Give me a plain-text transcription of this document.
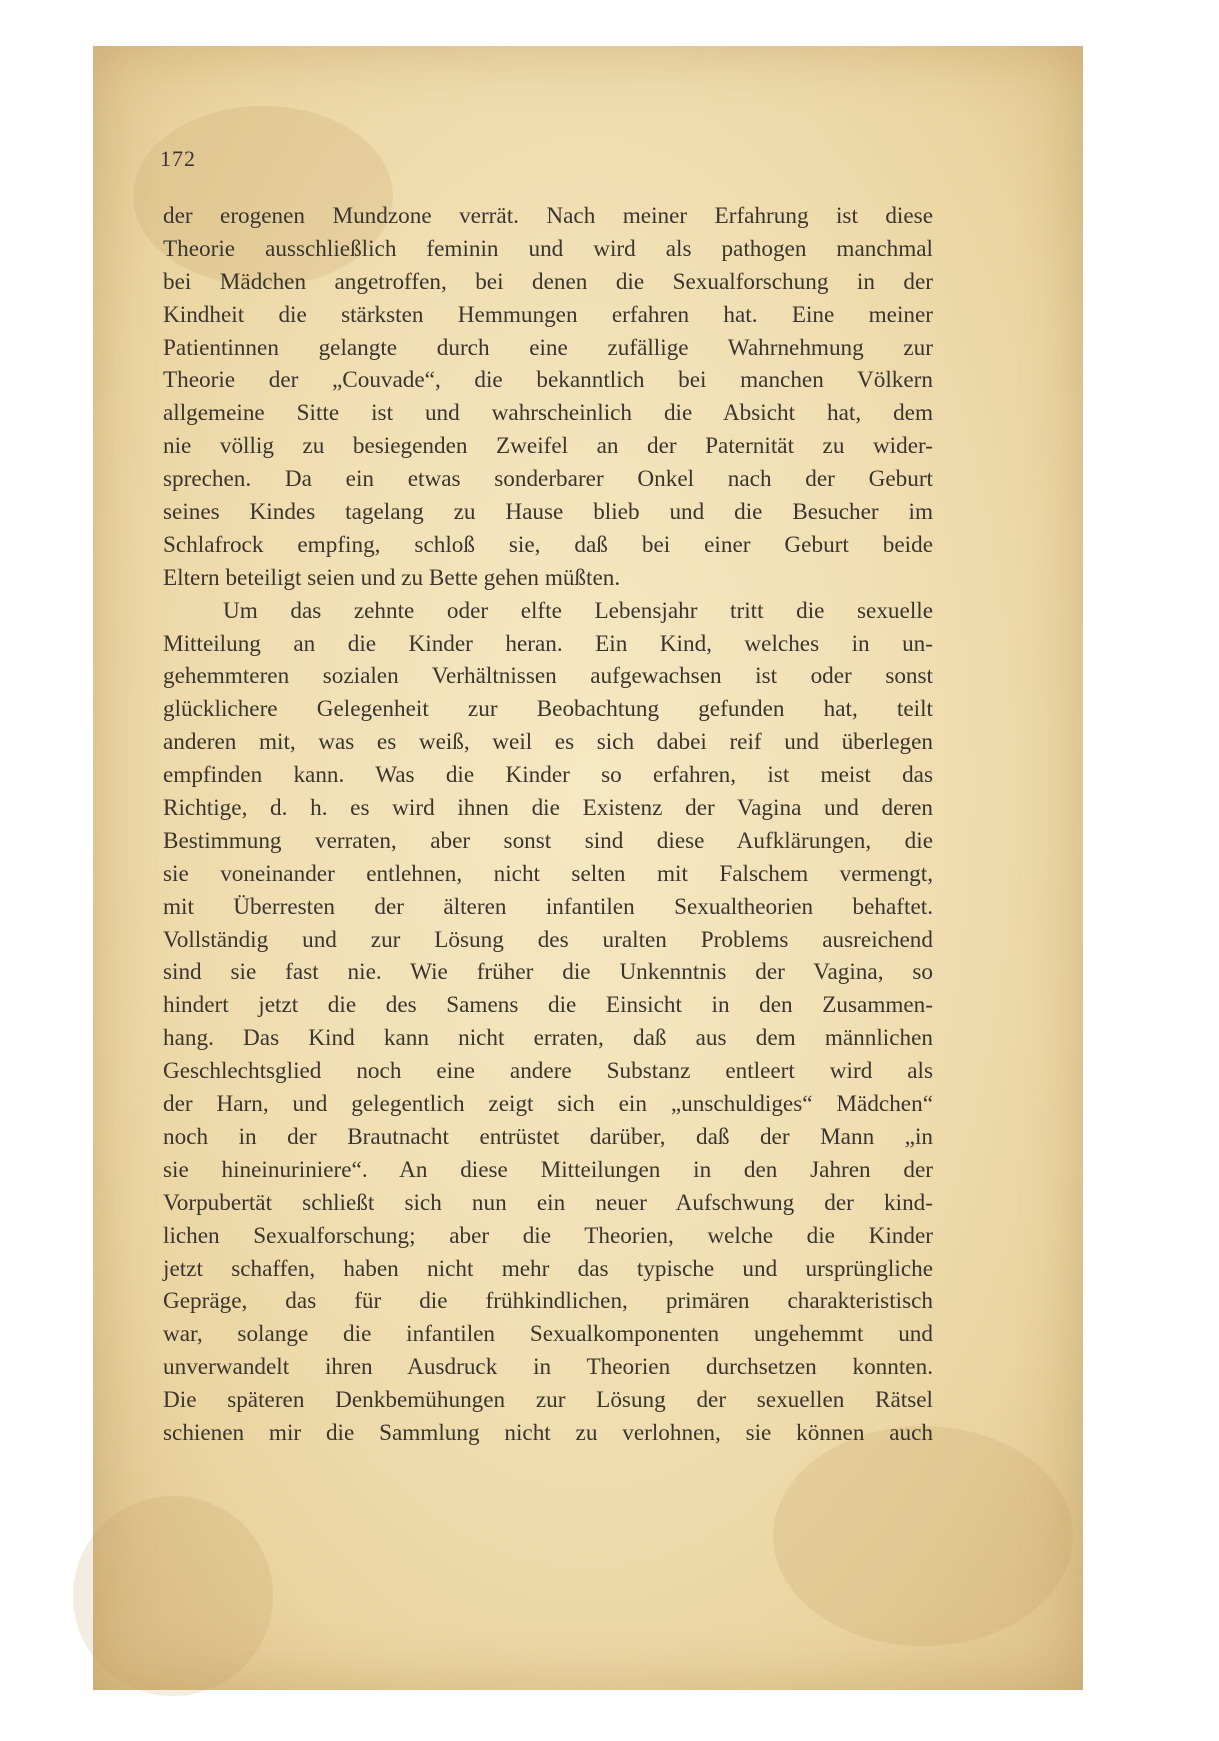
172
der erogenen Mundzone verrät. Nach meiner Erfahrung ist diese
Theorie ausschließlich feminin und wird als pathogen manchmal
bei Mädchen angetroffen, bei denen die Sexualforschung in der
Kindheit die stärksten Hemmungen erfahren hat. Eine meiner
Patientinnen gelangte durch eine zufällige Wahrnehmung zur
Theorie der „Couvade“, die bekanntlich bei manchen Völkern
allgemeine Sitte ist und wahrscheinlich die Absicht hat, dem
nie völlig zu besiegenden Zweifel an der Paternität zu wider-
sprechen. Da ein etwas sonderbarer Onkel nach der Geburt
seines Kindes tagelang zu Hause blieb und die Besucher im
Schlafrock empfing, schloß sie, daß bei einer Geburt beide
Eltern beteiligt seien und zu Bette gehen müßten.
Um das zehnte oder elfte Lebensjahr tritt die sexuelle
Mitteilung an die Kinder heran. Ein Kind, welches in un-
gehemmteren sozialen Verhältnissen aufgewachsen ist oder sonst
glücklichere Gelegenheit zur Beobachtung gefunden hat, teilt
anderen mit, was es weiß, weil es sich dabei reif und überlegen
empfinden kann. Was die Kinder so erfahren, ist meist das
Richtige, d. h. es wird ihnen die Existenz der Vagina und deren
Bestimmung verraten, aber sonst sind diese Aufklärungen, die
sie voneinander entlehnen, nicht selten mit Falschem vermengt,
mit Überresten der älteren infantilen Sexualtheorien behaftet.
Vollständig und zur Lösung des uralten Problems ausreichend
sind sie fast nie. Wie früher die Unkenntnis der Vagina, so
hindert jetzt die des Samens die Einsicht in den Zusammen-
hang. Das Kind kann nicht erraten, daß aus dem männlichen
Geschlechtsglied noch eine andere Substanz entleert wird als
der Harn, und gelegentlich zeigt sich ein „unschuldiges“ Mädchen“
noch in der Brautnacht entrüstet darüber, daß der Mann „in
sie hineinuriniere“. An diese Mitteilungen in den Jahren der
Vorpubertät schließt sich nun ein neuer Aufschwung der kind-
lichen Sexualforschung; aber die Theorien, welche die Kinder
jetzt schaffen, haben nicht mehr das typische und ursprüngliche
Gepräge, das für die frühkindlichen, primären charakteristisch
war, solange die infantilen Sexualkomponenten ungehemmt und
unverwandelt ihren Ausdruck in Theorien durchsetzen konnten.
Die späteren Denkbemühungen zur Lösung der sexuellen Rätsel
schienen mir die Sammlung nicht zu verlohnen, sie können auch
